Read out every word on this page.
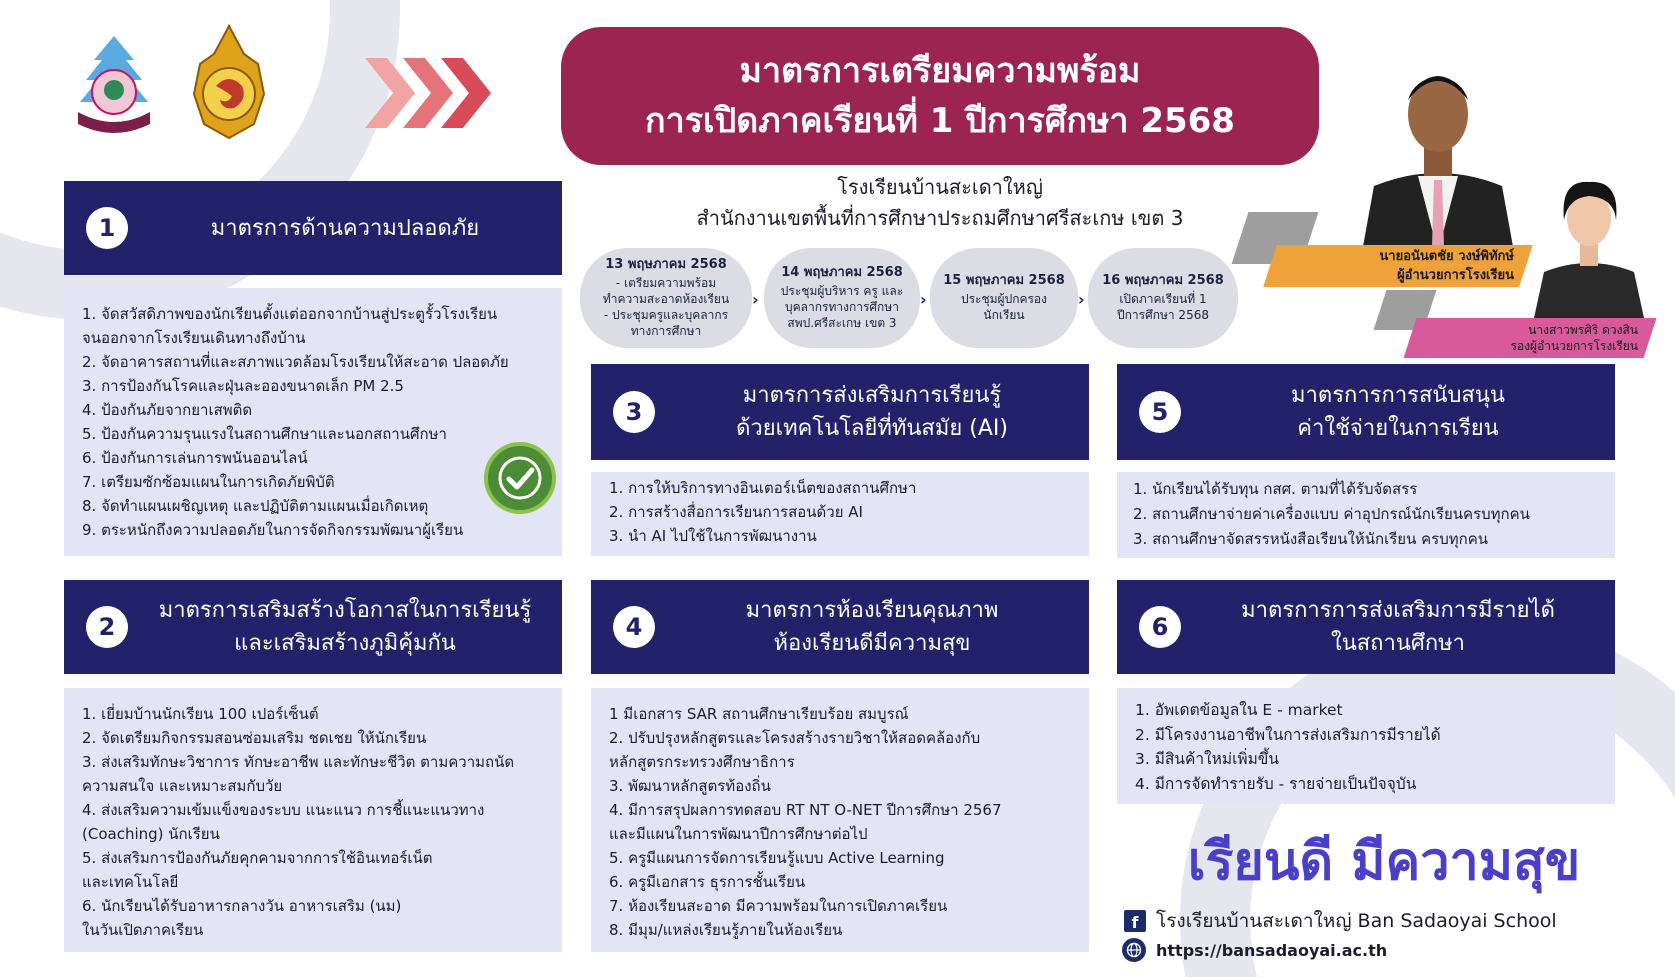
มาตรการเตรียมความพร้อม
การเปิดภาคเรียนที่ 1 ปีการศึกษา 2568
โรงเรียนบ้านสะเดาใหญ่
สำนักงานเขตพื้นที่การศึกษาประถมศึกษาศรีสะเกษ เขต 3
13 พฤษภาคม 2568
- เตรียมความพร้อม
ทำความสะอาดห้องเรียน
- ประชุมครูและบุคลากร
ทางการศึกษา
›
14 พฤษภาคม 2568
ประชุมผู้บริหาร ครู และ
บุคลากรทางการศึกษา
สพป.ศรีสะเกษ เขต 3
›
15 พฤษภาคม 2568
ประชุมผู้ปกครอง
นักเรียน
›
16 พฤษภาคม 2568
เปิดภาคเรียนที่ 1
ปีการศึกษา 2568
นายอนันตชัย วงษ์พิทักษ์
ผู้อำนวยการโรงเรียน
นางสาวพรศิริ ดวงสิน
รองผู้อำนวยการโรงเรียน
1	มาตรการด้านความปลอดภัย
1. จัดสวัสดิภาพของนักเรียนตั้งแต่ออกจากบ้านสู่ประตูรั้วโรงเรียน
จนออกจากโรงเรียนเดินทางถึงบ้าน
2. จัดอาคารสถานที่และสภาพแวดล้อมโรงเรียนให้สะอาด ปลอดภัย
3. การป้องกันโรคและฝุ่นละอองขนาดเล็ก PM 2.5
4. ป้องกันภัยจากยาเสพติด
5. ป้องกันความรุนแรงในสถานศึกษาและนอกสถานศึกษา
6. ป้องกันการเล่นการพนันออนไลน์
7. เตรียมซักซ้อมแผนในการเกิดภัยพิบัติ
8. จัดทำแผนเผชิญเหตุ และปฏิบัติตามแผนเมื่อเกิดเหตุ
9. ตระหนักถึงความปลอดภัยในการจัดกิจกรรมพัฒนาผู้เรียน
2
มาตรการเสริมสร้างโอกาสในการเรียนรู้
และเสริมสร้างภูมิคุ้มกัน
1. เยี่ยมบ้านนักเรียน 100 เปอร์เซ็นต์
2. จัดเตรียมกิจกรรมสอนซ่อมเสริม ชดเชย ให้นักเรียน
3. ส่งเสริมทักษะวิชาการ ทักษะอาชีพ และทักษะชีวิต ตามความถนัด
ความสนใจ และเหมาะสมกับวัย
4. ส่งเสริมความเข้มแข็งของระบบ แนะแนว การชี้แนะแนวทาง
(Coaching) นักเรียน
5. ส่งเสริมการป้องกันภัยคุกคามจากการใช้อินเทอร์เน็ต
และเทคโนโลยี
6. นักเรียนได้รับอาหารกลางวัน อาหารเสริม (นม)
ในวันเปิดภาคเรียน
3
มาตรการส่งเสริมการเรียนรู้
ด้วยเทคโนโลยีที่ทันสมัย (AI)
1. การให้บริการทางอินเตอร์เน็ตของสถานศึกษา
2. การสร้างสื่อการเรียนการสอนด้วย AI
3. นำ AI ไปใช้ในการพัฒนางาน
4
มาตรการห้องเรียนคุณภาพ
ห้องเรียนดีมีความสุข
1 มีเอกสาร SAR สถานศึกษาเรียบร้อย สมบูรณ์
2. ปรับปรุงหลักสูตรและโครงสร้างรายวิชาให้สอดคล้องกับ
หลักสูตรกระทรวงศึกษาธิการ
3. พัฒนาหลักสูตรท้องถิ่น
4. มีการสรุปผลการทดสอบ RT NT O-NET ปีการศึกษา 2567
และมีแผนในการพัฒนาปีการศึกษาต่อไป
5. ครูมีแผนการจัดการเรียนรู้แบบ Active Learning
6. ครูมีเอกสาร ธุรการชั้นเรียน
7. ห้องเรียนสะอาด มีความพร้อมในการเปิดภาคเรียน
8. มีมุม/แหล่งเรียนรู้ภายในห้องเรียน
5
มาตรการการสนับสนุน
ค่าใช้จ่ายในการเรียน
1. นักเรียนได้รับทุน กสศ. ตามที่ได้รับจัดสรร
2. สถานศึกษาจ่ายค่าเครื่องแบบ ค่าอุปกรณ์นักเรียนครบทุกคน
3. สถานศึกษาจัดสรรหนังสือเรียนให้นักเรียน ครบทุกคน
6
มาตรการการส่งเสริมการมีรายได้
ในสถานศึกษา
1. อัพเดตข้อมูลใน E - market
2. มีโครงงานอาชีพในการส่งเสริมการมีรายได้
3. มีสินค้าใหม่เพิ่มขึ้น
4. มีการจัดทำรายรับ - รายจ่ายเป็นปัจจุบัน
เรียนดี มีความสุข
f โรงเรียนบ้านสะเดาใหญ่ Ban Sadaoyai School
https://bansadaoyai.ac.th
